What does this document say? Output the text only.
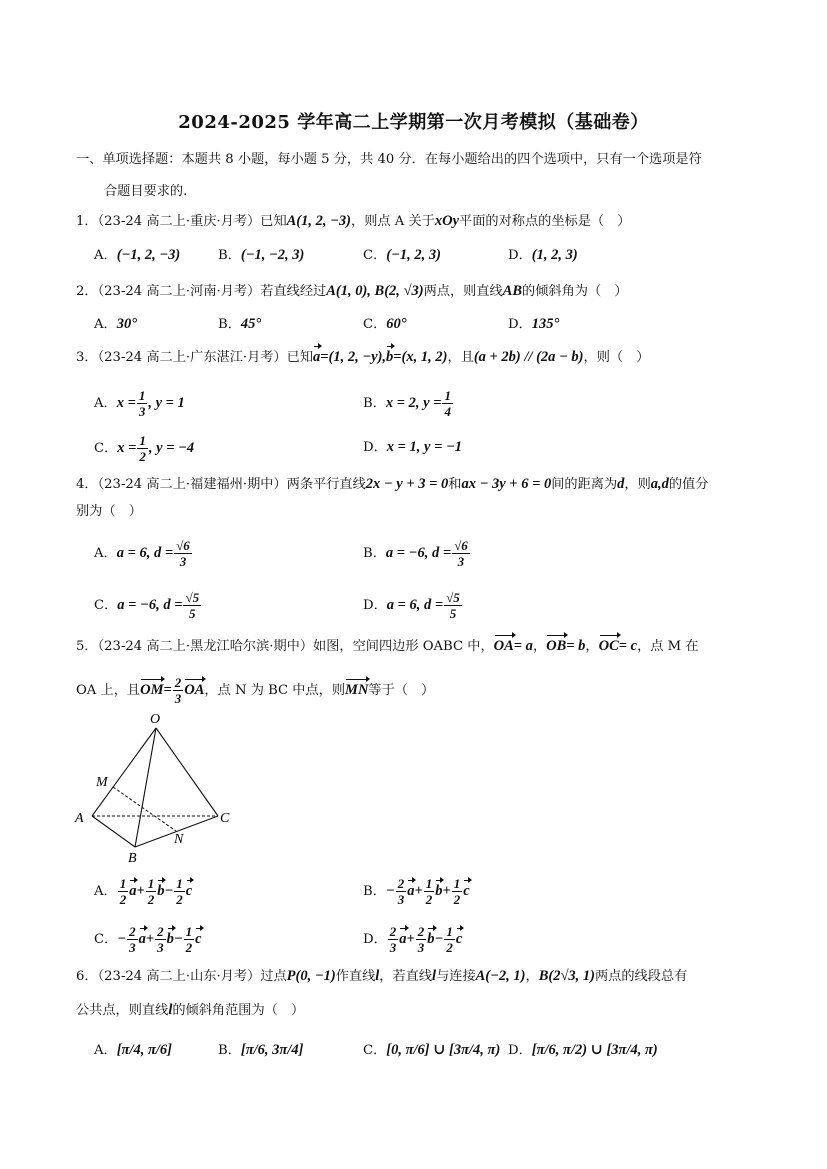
2024-2025 学年高二上学期第一次月考模拟（基础卷）
一、单项选择题：本题共 8 小题，每小题 5 分，共 40 分．在每小题给出的四个选项中，只有一个选项是符
合题目要求的.
1．（23-24 高二上·重庆·月考）已知A(1, 2, −3)，则点 A 关于xOy平面的对称点的坐标是（　）
A．(−1, 2, −3)	B．(−1, −2, 3)	C．(−1, 2, 3)	D．(1, 2, 3)
2．（23-24 高二上·河南·月考）若直线经过A(1, 0), B(2, √3)两点，则直线AB的倾斜角为（　）
A．30°	B．45°	C．60°	D．135°
3．（23-24 高二上·广东湛江·月考）已知a=(1, 2, −y),b=(x, 1, 2)，且(a + 2b) // (2a − b)，则（　）
A．$x = \frac{1}{3}$ , y = 1	B．x = 2, $y = \frac{1}{4}$
C．$x = \frac{1}{2}$ , y = −4	D．x = 1, y = −1
4．（23-24 高二上·福建福州·期中）两条平行直线2x − y + 3 = 0和ax − 3y + 6 = 0间的距离为d，则a,d的值分
别为（　）
A．a = 6, $d = \frac{√6}{3}$	B．a = −6, $d = \frac{√6}{3}$
C．a = −6, $d = \frac{√5}{5}$	D．a = 6, $d = \frac{√5}{5}$
5．（23-24 高二上·黑龙江哈尔滨·期中）如图，空间四边形 OABC 中，OA= a，OB= b，OC= c，点 M 在
OA 上，且$OM= \frac{2}{3}$ OA，点 N 为 BC 中点，则MN等于（　）
O
M
A
B
C
N
A． $\frac{1}{2} a+ \frac{1}{2} b- \frac{1}{2}$ c	B．− $\frac{2}{3} a+ \frac{1}{2} b+ \frac{1}{2}$ c
C．− $\frac{2}{3} a+ \frac{2}{3} b- \frac{1}{2}$ c	D． $\frac{2}{3} a+ \frac{2}{3} b- \frac{1}{2}$ c
6．（23-24 高二上·山东·月考）过点P(0, −1)作直线l，若直线l与连接A(−2, 1)，B(2√3, 1)两点的线段总有
公共点，则直线l的倾斜角范围为（　）
A．[π/4, π/6]	B．[π/6, 3π/4]	C．[0, π/6] ∪ [3π/4, π) D．[π/6, π/2) ∪ [3π/4, π)
